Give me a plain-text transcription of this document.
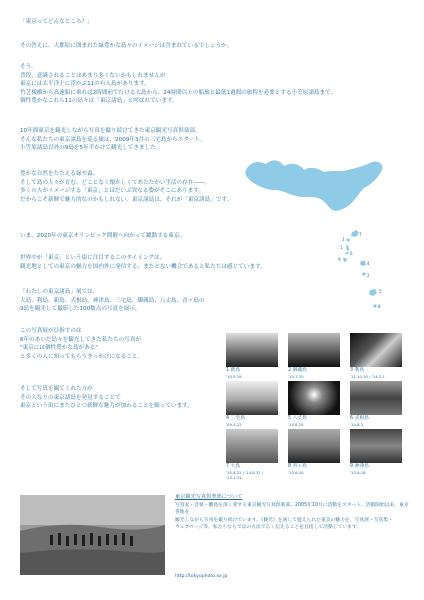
「東京ってどんなところ？」
その答えに、大都原に囲まれた緑豊かな島々のイメージは含まれているでしょうか。
そう。
普段、意識されることはあまり多くないかもしれませんが
東京には太平洋上に浮かぶ11の有人島があります。
竹芝桟橋から高速船に乗れば2時間前で行ける大島から、24時間以上の船旅と最低1週間の旅程を必要とする小笠原諸島まで。
個性豊かなこれら11の島々は「東京諸島」と呼ばれています。
10年間東京を観光しながら写真を撮り続けてきた東京観光写真倶楽部。
そんな私たちの東京諸島を巡る旅は、2009年3月の三宅島からスタート。
小笠原諸島以外の9島を5年半かけて観光してきました。
豊かな自然をたたえる緑や森、
そして島の人々が育む、どことなく懐かしくてあたたかい生活の存在――。
多くの人がイメージする「東京」とはだいぶ異なる姿がそこにあります。
だからこそ新鮮で魅力的なのかもしれない。東京諸島は、それが「東京諸島」です。
いま、2020年の東京オリンピック開催へ向かって躍動する東京。
世界中が「東京」という街に注目するこのタイミングは、
観光地としての東京の魅力を国内外に発信する、またとない機会であると私たちは感じています。
「わたしの東京諸島」展では、
大島、利島、新島、式根島、神津島、三宅島、御蔵島、八丈島、青ヶ島の
9島を観光して撮影した100数点の写真を展示。
この写真展が目指すのは
6年のあいだ島々を観光してきた私たちの写真が
"東京には個性豊かな島がある"
と多くの人に知ってもらうきっかけになること。
そして写真を観てくれた方が
その人なりの東京諸島を発見することで
東京という街にまたひとつ新鮮な魅力が加わることを願っています。
7
3
1
6
9
4
2
5
8
1 新島
'10.9.19
2 御蔵島
'10.7.10
3 利島
'11.10.30 / '14.2.1
4 三宅島
'09.3.22
5 八丈島
'14.8.25
6 式根島
'14.8.3
7 大島
'10.8.22 / '14.8.31 / '13.1.31
8 青ヶ島
'13.8.20
9 神津島
'13.8.18
東京観光写真倶楽部について
写真家・音楽・離島を深く愛する東京観光写真倶楽部。2005年10月に活動をスタート。活動開始以来、東京各地を
観光しながら写真を撮り続けています。《観光》を通して捉えられた東京の魅力を、写真展・写真集・
ウェブページ等、私たちならではの方法で広く伝えることを目指して活動しています。
http://tokyophoto.xx.jp
